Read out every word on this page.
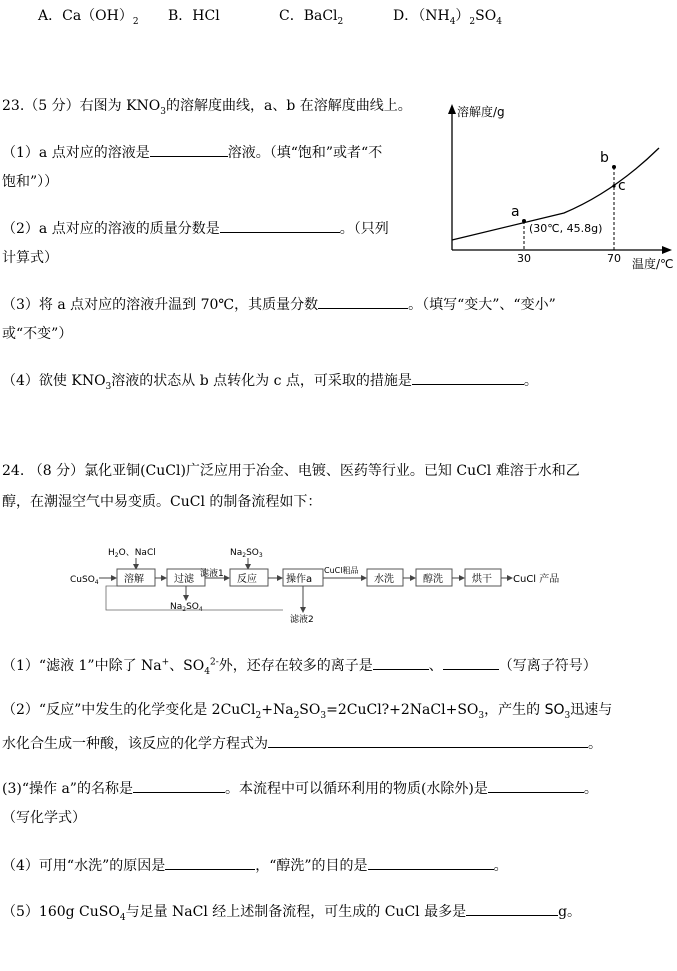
A．$Ca(OH)_2$ B．HCl	C．BaCl$_2$	D．$(NH_4)_2SO_4$
23.（5 分）右图为 $KNO_3$的溶解度曲线，a、b 在溶解度曲线上。
（1）a 点对应的溶液是	溶液。（填“饱和”或者“不
饱和”））
（2）a 点对应的溶液的质量分数是	。（只列
计算式）
（3）将 a 点对应的溶液升温到 70℃，其质量分数	。（填写“变大”、“变小”
或“不变”）
（4）欲使 $KNO_3$溶液的状态从 b 点转化为 c 点，可采取的措施是	。
溶解度/g
温度/℃
a
b
c
(30℃, 45.8g)
30	70
24. （8 分）氯化亚铜(CuCl)广泛应用于冶金、电镀、医药等行业。已知 CuCl 难溶于水和乙
醇，在潮湿空气中易变质。CuCl 的制备流程如下：
$H_2O$、NaCl
CuSO$_4$	溶解	过滤
$Na_2SO_4$
滤液1
$Na_2SO_3$
反应	操作a
滤液2
CuCl粗品
水洗	醇洗	烘干 CuCl 产品
（1）“滤液 1”中除了 Na+、$SO_4^{2-}$外，还存在较多的离子是	、	（写离子符号）
（2）“反应”中发生的化学变化是 $2CuCl_2+Na_2SO_3=2CuCl?+2NaCl+SO_3$，产生的 $SO_3$迅速与
水化合生成一种酸，该反应的化学方程式为	。
(3)“操作 a”的名称是	。本流程中可以循环利用的物质(水除外)是	。
（写化学式）
（4）可用“水洗”的原因是	，“醇洗”的目的是	。
（5）160g CuSO$_4$与足量 NaCl 经上述制备流程，可生成的 CuCl 最多是	g。
